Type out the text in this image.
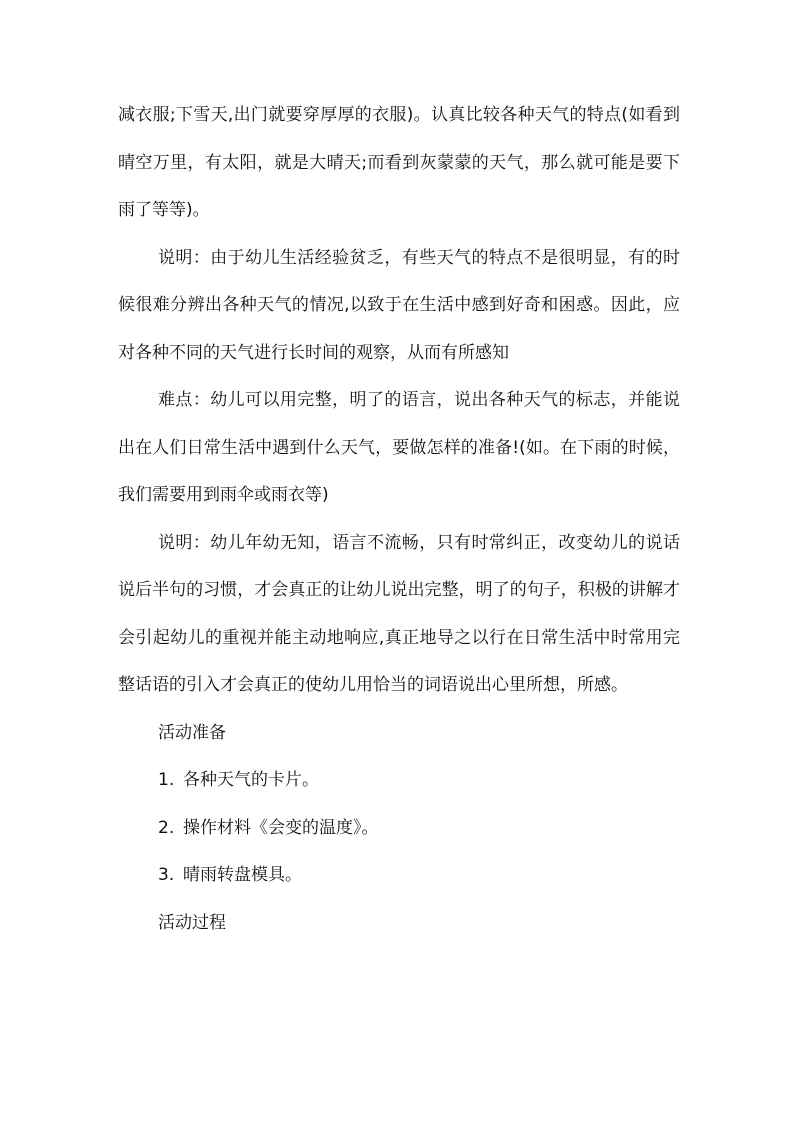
减衣服;下雪天,出门就要穿厚厚的衣服)。认真比较各种天气的特点(如看到晴空万里，有太阳，就是大晴天;而看到灰蒙蒙的天气，那么就可能是要下雨了等等)。

说明：由于幼儿生活经验贫乏，有些天气的特点不是很明显，有的时候很难分辨出各种天气的情况,以致于在生活中感到好奇和困惑。因此，应对各种不同的天气进行长时间的观察，从而有所感知

难点：幼儿可以用完整，明了的语言，说出各种天气的标志，并能说出在人们日常生活中遇到什么天气，要做怎样的准备!(如。在下雨的时候，我们需要用到雨伞或雨衣等)

说明：幼儿年幼无知，语言不流畅，只有时常纠正，改变幼儿的说话说后半句的习惯，才会真正的让幼儿说出完整，明了的句子，积极的讲解才会引起幼儿的重视并能主动地响应,真正地导之以行在日常生活中时常用完整话语的引入才会真正的使幼儿用恰当的词语说出心里所想，所感。

活动准备

1. 各种天气的卡片。

2. 操作材料《会变的温度》。

3. 晴雨转盘模具。

活动过程
